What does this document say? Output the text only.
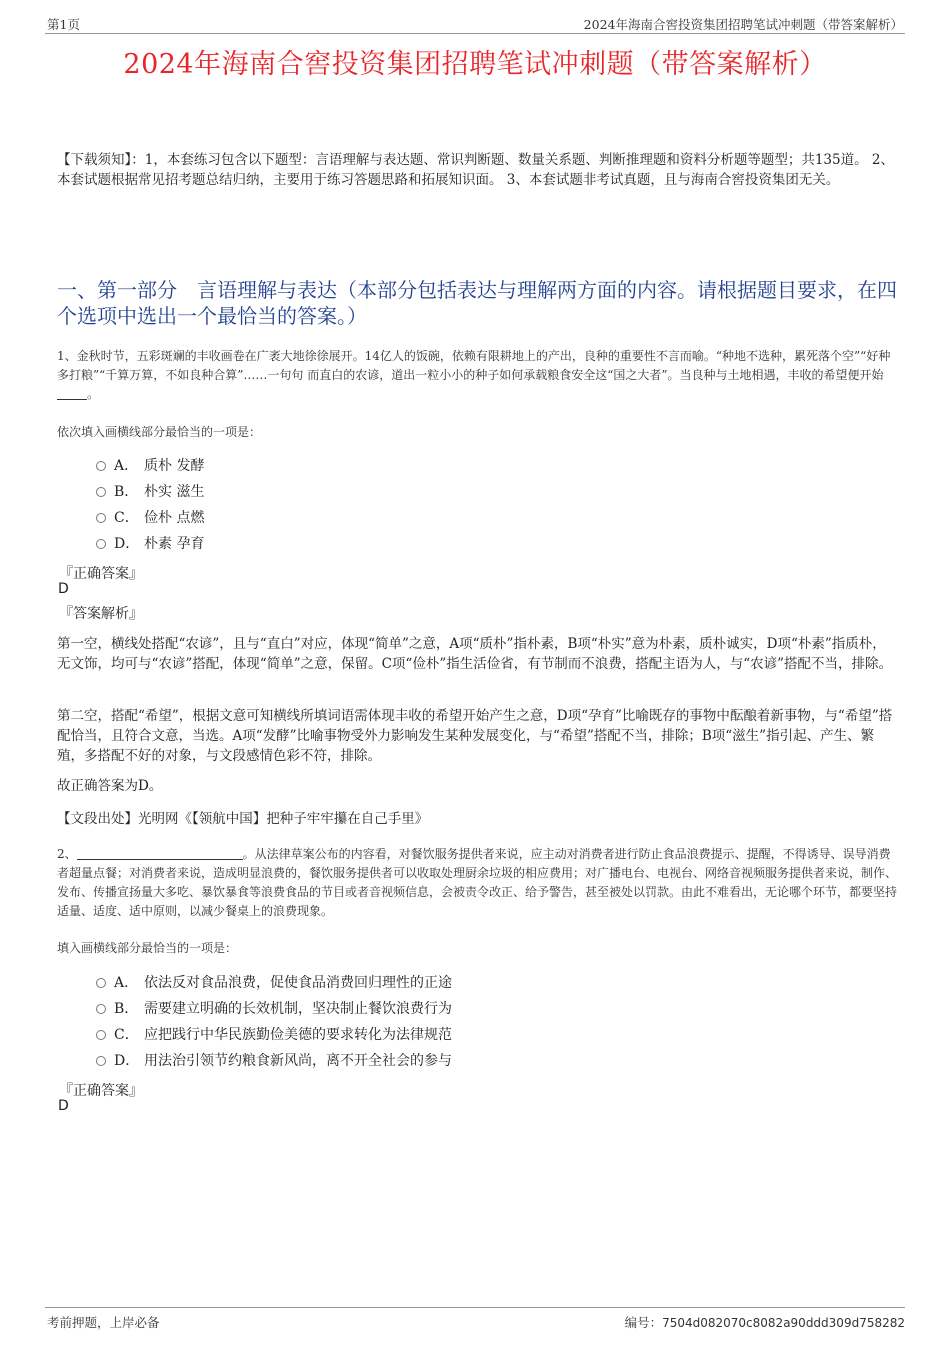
第1页	2024年海南合窖投资集团招聘笔试冲刺题（带答案解析）
2024年海南合窖投资集团招聘笔试冲刺题（带答案解析）
【下载须知】：1，本套练习包含以下题型：言语理解与表达题、常识判断题、数量关系题、判断推理题和资料分析题等题型；共135道。 2、本套试题根据常见招考题总结归纳，主要用于练习答题思路和拓展知识面。 3、本套试题非考试真题，且与海南合窖投资集团无关。
一、第一部分　言语理解与表达（本部分包括表达与理解两方面的内容。请根据题目要求，在四个选项中选出一个最恰当的答案。）
1、金秋时节，五彩斑斓的丰收画卷在广袤大地徐徐展开。14亿人的饭碗，依赖有限耕地上的产出，良种的重要性不言而喻。“种地不选种，累死落个空”“好种多打粮”“千算万算，不如良种合算”……一句句 而直白的农谚，道出一粒小小的种子如何承载粮食安全这“国之大者”。当良种与土地相遇，丰收的希望便开始。
依次填入画横线部分最恰当的一项是：
A． 质朴 发酵
B． 朴实 滋生
C． 俭朴 点燃
D． 朴素 孕育
『正确答案』
D
『答案解析』
第一空，横线处搭配“农谚”，且与“直白”对应，体现“简单”之意，A项“质朴”指朴素，B项“朴实”意为朴素，质朴诚实，D项“朴素”指质朴，无文饰，均可与“农谚”搭配，体现“简单”之意，保留。C项“俭朴”指生活俭省，有节制而不浪费，搭配主语为人，与“农谚”搭配不当，排除。
第二空，搭配“希望”，根据文意可知横线所填词语需体现丰收的希望开始产生之意，D项“孕育”比喻既存的事物中酝酿着新事物，与“希望”搭配恰当，且符合文意，当选。A项“发酵”比喻事物受外力影响发生某种发展变化，与“希望”搭配不当，排除；B项“滋生”指引起、产生、繁殖，多搭配不好的对象，与文段感情色彩不符，排除。
故正确答案为D。
【文段出处】光明网《【领航中国】把种子牢牢攥在自己手里》
2、	。从法律草案公布的内容看，对餐饮服务提供者来说，应主动对消费者进行防止食品浪费提示、提醒，不得诱导、误导消费者超量点餐；对消费者来说，造成明显浪费的，餐饮服务提供者可以收取处理厨余垃圾的相应费用；对广播电台、电视台、网络音视频服务提供者来说，制作、发布、传播宣扬量大多吃、暴饮暴食等浪费食品的节目或者音视频信息，会被责令改正、给予警告，甚至被处以罚款。由此不难看出，无论哪个环节，都要坚持适量、适度、适中原则，以减少餐桌上的浪费现象。
填入画横线部分最恰当的一项是：
A． 依法反对食品浪费，促使食品消费回归理性的正途
B． 需要建立明确的长效机制，坚决制止餐饮浪费行为
C． 应把践行中华民族勤俭美德的要求转化为法律规范
D． 用法治引领节约粮食新风尚，离不开全社会的参与
『正确答案』
D
考前押题，上岸必备	编号：7504d082070c8082a90ddd309d758282
